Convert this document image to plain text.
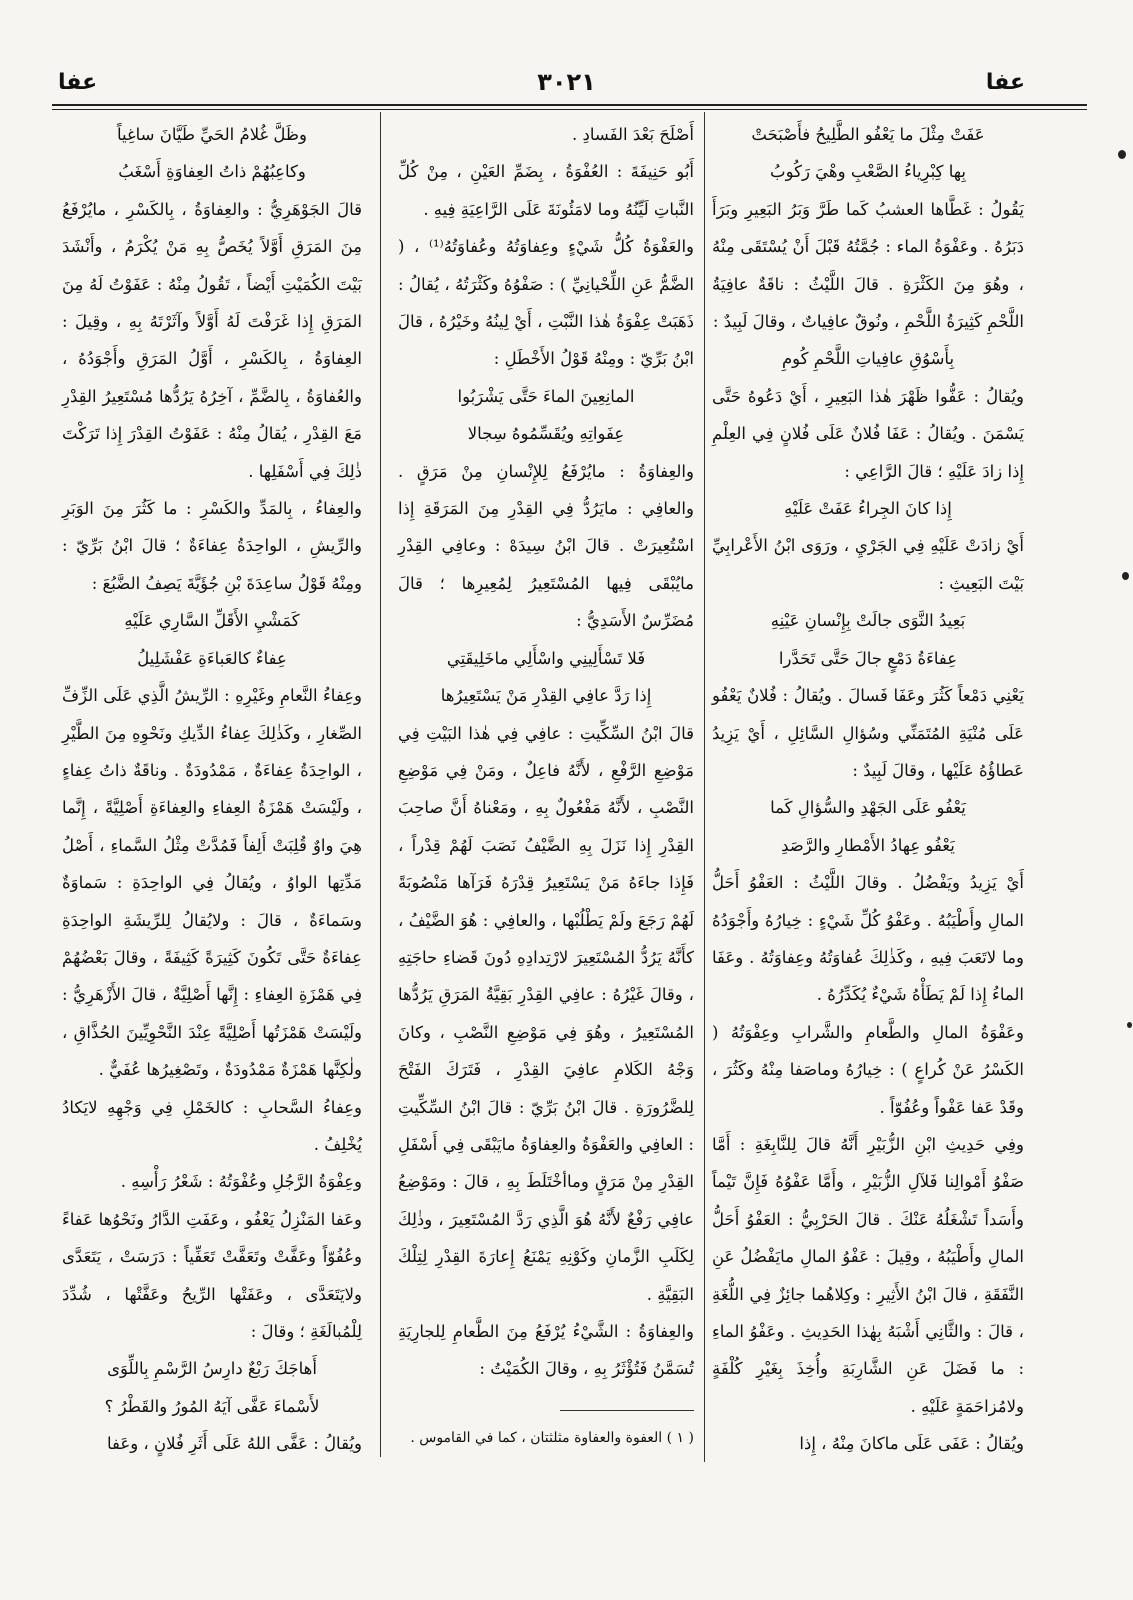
عفا
٣٠٢١
عفا

عَفَتْ مِثْلَ ما يَعْفُو الطَّلِيحُ فأَصْبَحَتْ

بِها كِبْرِياءُ الصَّعْبِ وهْيَ رَكُوبُ

يَقُولُ : غَطَّاها العشبُ كَما طَرَّ وَبَرُ البَعِيرِ وبَرَأَ دَبَرُهُ . وعَفْوَةُ الماء : جُمَّتُهُ قَبْلَ أَنْ يُسْتَقَى مِنْهُ ، وهُوَ مِنَ الكَثْرَةِ . قالَ اللَّيْثُ : ناقَةٌ عافِيَةُ اللَّحْمِ كَثِيرَةُ اللَّحْمِ ، ونُوقٌ عافِياتٌ ، وقالَ لَبِيدٌ :

بِأَسْوُقِ عافِياتِ اللَّحْمِ كُومِ

ويُقالُ : عَفُّوا ظَهْرَ هٰذا البَعِيرِ ، أَيْ دَعُوهُ حَتَّى يَسْمَنَ . ويُقالُ : عَفَا فُلانٌ عَلَى فُلانٍ فِي العِلْمِ إِذا زادَ عَلَيْهِ ؛ قالَ الرَّاعِي :

إِذا كانَ الجِراءُ عَفَتْ عَلَيْهِ

أَيْ زادَتْ عَلَيْهِ فِي الجَرْيِ ، ورَوَى ابْنُ الأَعْرابِيِّ بَيْتَ البَعِيثِ :

بَعِيدُ النَّوَى جالَتْ بِإِنْسانِ عَيْنِهِ

عِفاءَةُ دَمْعٍ جالَ حَتَّى تَحَدَّرا

يَعْنِي دَمْعاً كَثُرَ وعَفَا فَسالَ . ويُقالُ : فُلانٌ يَعْفُو عَلَى مُنْيَةِ المُتَمَنِّي وسُؤالِ السَّائِلِ ، أَيْ يَزِيدُ عَطاؤُهُ عَلَيْها ، وقالَ لَبِيدٌ :

يَعْفُو عَلَى الجَهْدِ والسُّؤالِ كَما

يَعْفُو عِهادُ الأَمْطارِ والرَّصَدِ

أَيْ يَزِيدُ ويَفْضُلُ . وقالَ اللَّيْثُ : العَفْوُ أَحَلُّ المالِ وأَطْيَبُهُ . وعَفْوُ كُلِّ شَيْءٍ : خِيارُهُ وأَجْوَدُهُ وما لاتَعَبَ فِيهِ ، وكَذٰلِكَ عُفاوَتُهُ وعِفاوَتُهُ . وعَفَا الماءُ إِذا لَمْ يَطَأْهُ شَيْءٌ يُكَدِّرُهُ .

وعَفْوَةُ المالِ والطَّعامِ والشَّرابِ وعِفْوَتُهُ ( الكَسْرُ عَنْ كُراعٍ ) : خِيارُهُ وماصَفا مِنْهُ وكَثُرَ ، وقَدْ عَفا عَفْواً وعُفُوّاً .

وفِي حَدِيثِ ابْنِ الزُّبَيْرِ أَنَّهُ قالَ لِلنَّابِغَةِ : أَمَّا صَفْوُ أَمْوالِنا فَلآلِ الزُّبَيْرِ ، وأَمَّا عَفْوُهُ فَإِنَّ تَيْماً وأَسَداً تَشْغَلُهُ عَنْكَ . قالَ الحَرْبِيُّ : العَفْوُ أَحَلُّ المالِ وأَطْيَبُهُ ، وقِيلَ : عَفْوُ المالِ مايَفْضُلُ عَنِ النَّفَقَةِ ، قالَ ابْنُ الأَثِيرِ : وكِلاهُما جائِزٌ فِي اللُّغَةِ ، قالَ : والثَّانِي أَشْبَهُ بِهٰذا الحَدِيثِ . وعَفْوُ الماءِ : ما فَضَلَ عَنِ الشَّارِبَةِ وأُخِذَ بِغَيْرِ كُلْفَةٍ ولامُزاحَمَةٍ عَلَيْهِ .

ويُقالُ : عَفَى عَلَى ماكانَ مِنْهُ ، إِذا

أَصْلَحَ بَعْدَ الفَسادِ .

أَبُو حَنِيفَةَ : العُفْوَةُ ، بِضَمِّ العَيْنِ ، مِنْ كُلِّ النَّباتِ لَيِّنُهُ وما لامَئُونَةَ عَلَى الرَّاعِيَةِ فِيهِ .

والعَفْوَةُ كُلُّ شَيْءٍ وعِفاوَتُهُ وعُفاوَتُهُ⁽¹⁾ ، ( الضَّمُّ عَنِ اللِّحْيانِيِّ ) : صَفْوُهُ وكَثْرَتُهُ ، يُقالُ : ذَهَبَتْ عِفْوَةُ هٰذا النَّبْتِ ، أَيْ لِينُهُ وخَيْرُهُ ، قالَ ابْنُ بَرِّيّ : ومِنْهُ قَوْلُ الأَخْطَلِ :

المانِعِينَ الماءَ حَتَّى يَشْرَبُوا

عِفَواتِهِ ويُقَسِّمُوهُ سِجالا

والعِفاوَةُ : مايُرْفَعُ لِلإِنْسانِ مِنْ مَرَقٍ . والعافِي : مايَرُدُّ فِي القِدْرِ مِنَ المَرَقَةِ إِذا اسْتُعِيرَتْ . قالَ ابْنُ سِيدَهْ : وعافِي القِدْرِ مايُبْقَى فِيها المُسْتَعِيرُ لِمُعِيرِها ؛ قالَ مُضَرِّسٌ الأَسَدِيُّ :

فَلا تَسْأَلِينِي واسْأَلِي ماخَلِيقَتِي

إِذا رَدَّ عافِي القِدْرِ مَنْ يَسْتَعِيرُها

قالَ ابْنُ السِّكِّيتِ : عافِي فِي هٰذا البَيْتِ فِي مَوْضِعِ الرَّفْعِ ، لأَنَّهُ فاعِلٌ ، ومَنْ فِي مَوْضِعِ النَّصْبِ ، لأَنَّهُ مَفْعُولٌ بِهِ ، ومَعْناهُ أَنَّ صاحِبَ القِدْرِ إِذا نَزَلَ بِهِ الضَّيْفُ نَصَبَ لَهُمْ قِدْراً ، فَإِذا جاءَهُ مَنْ يَسْتَعِيرُ قِدْرَهُ فَرَآها مَنْصُوبَةً لَهُمْ رَجَعَ ولَمْ يَطْلُبْها ، والعافِي : هُوَ الضَّيْفُ ، كأَنَّهُ يَرُدُّ المُسْتَعِيرَ لارْتِدادِهِ دُونَ قَضاءِ حاجَتِهِ ، وقالَ غَيْرُهُ : عافِي القِدْرِ بَقِيَّةُ المَرَقِ يَرُدُّها المُسْتَعِيرُ ، وهُوَ فِي مَوْضِعِ النَّصْبِ ، وكانَ وَجْهُ الكَلامِ عافِيَ القِدْرِ ، فَتَرَكَ الفَتْحَ لِلضَّرُورَةِ . قالَ ابْنُ بَرِّيّ : قالَ ابْنُ السِّكِّيتِ : العافِي والعَفْوَةُ والعِفاوَةُ مايَبْقَى فِي أَسْفَلِ القِدْرِ مِنْ مَرَقٍ وماأخْتَلَطَ بِهِ ، قالَ : ومَوْضِعُ عافِي رَفْعٌ لأَنَّهُ هُوَ الَّذِي رَدَّ المُسْتَعِيرَ ، وذٰلِكَ لِكَلَبِ الزَّمانِ وكَوْنِهِ يَمْنَعُ إِعارَةَ القِدْرِ لِتِلْكَ البَقِيَّةِ .

والعِفاوَةُ : الشَّيْءُ يُرْفَعُ مِنَ الطَّعامِ لِلجارِيَةِ تُسَمَّنُ فَتُؤْثَرُ بِهِ ، وقالَ الكُمَيْتُ :

( ١ ) العفوة والعفاوة مثلثتان ، كما في القاموس .

وظَلَّ غُلامُ الحَيِّ طَيَّانَ ساغِياً

وكاعِبُهُمْ ذاتُ العِفاوَةِ أَسْغَبُ

قالَ الجَوْهَرِيُّ : والعِفاوَةُ ، بِالكَسْرِ ، مايُرْفَعُ مِنَ المَرَقِ أَوَّلاً يُخَصُّ بِهِ مَنْ يُكْرَمُ ، وأَنْشَدَ بَيْتَ الكُمَيْتِ أَيْضاً ، تَقُولُ مِنْهُ : عَفَوْتُ لَهُ مِنَ المَرَقِ إِذا غَرَفْتَ لَهُ أَوَّلاً وآثَرْتَهُ بِهِ ، وقِيلَ : العِفاوَةُ ، بِالكَسْرِ ، أَوَّلُ المَرَقِ وأَجْوَدُهُ ، والعُفاوَةُ ، بِالضَّمِّ ، آخِرُهُ يَرُدُّها مُسْتَعِيرُ القِدْرِ مَعَ القِدْرِ ، يُقالُ مِنْهُ : عَفَوْتُ القِدْرَ إِذا تَرَكْتَ ذٰلِكَ فِي أَسْفَلِها .

والعِفاءُ ، بِالمَدِّ والكَسْرِ : ما كَثُرَ مِنَ الوَبَرِ والرِّيشِ ، الواحِدَةُ عِفاءَةٌ ؛ قالَ ابْنُ بَرِّيّ : ومِنْهُ قَوْلُ ساعِدَةَ بْنِ جُؤَيَّةَ يَصِفُ الضَّبُعَ :

كَمَشْيِ الأَقَلِّ السَّارِي عَلَيْهِ

عِفاءٌ كالعَباءَةِ عَفْشَلِيلُ

وعِفاءُ النَّعامِ وغَيْرِهِ : الرِّيشُ الَّذِي عَلَى الزِّفِّ الصِّغارِ ، وكَذٰلِكَ عِفاءُ الدِّيكِ ونَحْوِهِ مِنَ الطَّيْرِ ، الواحِدَةُ عِفاءَةٌ ، مَمْدُودَةٌ . وناقَةٌ ذاتُ عِفاءٍ ، ولَيْسَتْ هَمْزَةُ العِفاءِ والعِفاءَةِ أَصْلِيَّةً ، إِنَّما هِيَ واوٌ قُلِبَتْ أَلِفاً فَمُدَّتْ مِثْلُ السَّماءِ ، أَصْلُ مَدِّتِها الواوُ ، ويُقالُ فِي الواحِدَةِ : سَماوَةٌ وسَماءَةٌ ، قالَ : ولايُقالُ لِلرِّيشَةِ الواحِدَةِ عِفاءَةٌ حَتَّى تَكُونَ كَثِيرَةً كَثِيفَةً ، وقالَ بَعْضُهُمْ فِي هَمْزَةِ العِفاءِ : إِنَّها أَصْلِيَّةٌ ، قالَ الأَزْهَرِيُّ : ولَيْسَتْ هَمْزَتُها أَصْلِيَّةً عِنْدَ النَّحْوِيِّينَ الحُذَّاقِ ، ولٰكِنَّها هَمْزَةٌ مَمْدُودَةٌ ، وتَصْغِيرُها عُفَيٌّ .

وعِفاءُ السَّحابِ : كالخَمْلِ فِي وَجْهِهِ لايَكادُ يُخْلِفُ .

وعِفْوَةُ الرَّجُلِ وعُفْوَتُهُ : شَعْرُ رَأْسِهِ .

وعَفا المَنْزِلُ يَعْفُو ، وعَفَتِ الدَّارُ ونَحْوُها عَفاءً وعُفُوّاً وعَفَّتْ وتَعَفَّتْ تَعَفِّياً : دَرَسَتْ ، يَتَعَدَّى ولايَتَعَدَّى ، وعَفَتْها الرِّيحُ وعَفَّتْها ، شُدِّدَ لِلْمُبالَغَةِ ؛ وقالَ :

أَهاجَكَ رَبْعٌ دارِسُ الرَّسْمِ بِاللِّوَى

لأَسْماءَ عَفَّى آيَهُ المُورُ والقَطْرُ ؟

ويُقالُ : عَفَّى اللهُ عَلَى أَثَرِ فُلانٍ ، وعَفا
